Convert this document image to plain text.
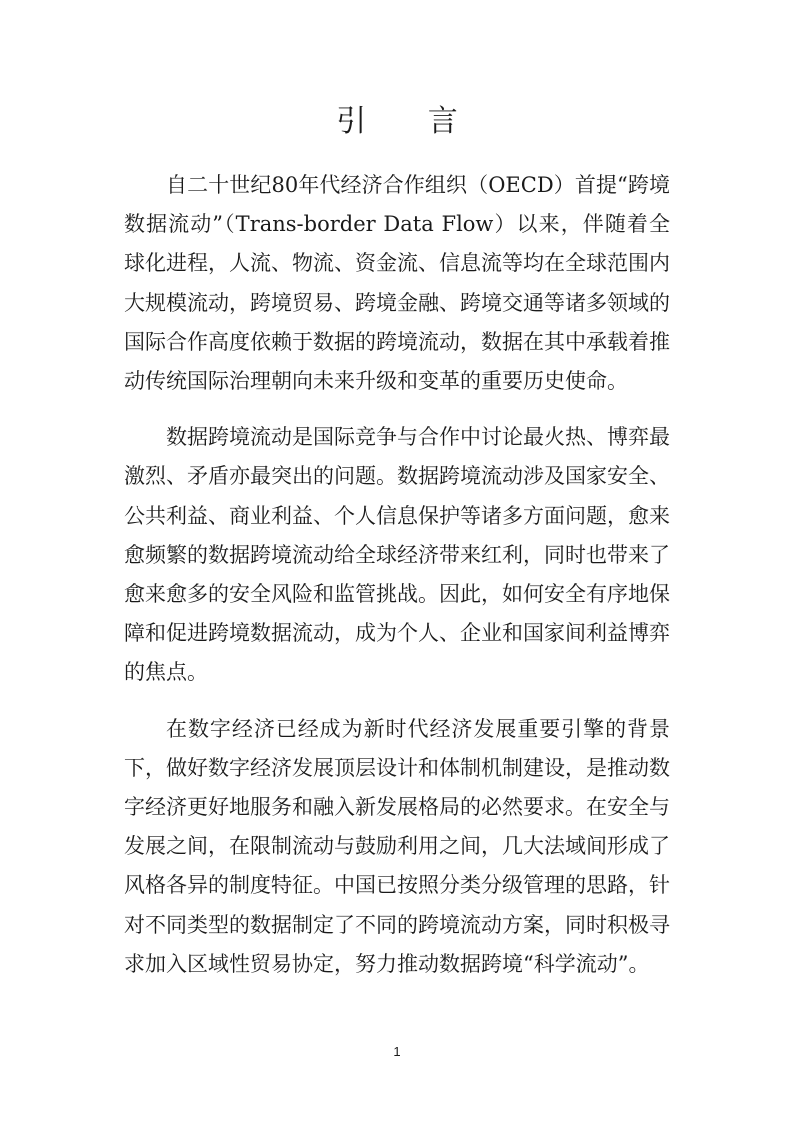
引 言

自二十世纪80年代经济合作组织（OECD）首提“跨境数据流动”（Trans-border Data Flow）以来，伴随着全球化进程，人流、物流、资金流、信息流等均在全球范围内大规模流动，跨境贸易、跨境金融、跨境交通等诸多领域的国际合作高度依赖于数据的跨境流动，数据在其中承载着推动传统国际治理朝向未来升级和变革的重要历史使命。

数据跨境流动是国际竞争与合作中讨论最火热、博弈最激烈、矛盾亦最突出的问题。数据跨境流动涉及国家安全、公共利益、商业利益、个人信息保护等诸多方面问题，愈来愈频繁的数据跨境流动给全球经济带来红利，同时也带来了愈来愈多的安全风险和监管挑战。因此，如何安全有序地保障和促进跨境数据流动，成为个人、企业和国家间利益博弈的焦点。

在数字经济已经成为新时代经济发展重要引擎的背景下，做好数字经济发展顶层设计和体制机制建设，是推动数字经济更好地服务和融入新发展格局的必然要求。在安全与发展之间，在限制流动与鼓励利用之间，几大法域间形成了风格各异的制度特征。中国已按照分类分级管理的思路，针对不同类型的数据制定了不同的跨境流动方案，同时积极寻求加入区域性贸易协定，努力推动数据跨境“科学流动”。

1
